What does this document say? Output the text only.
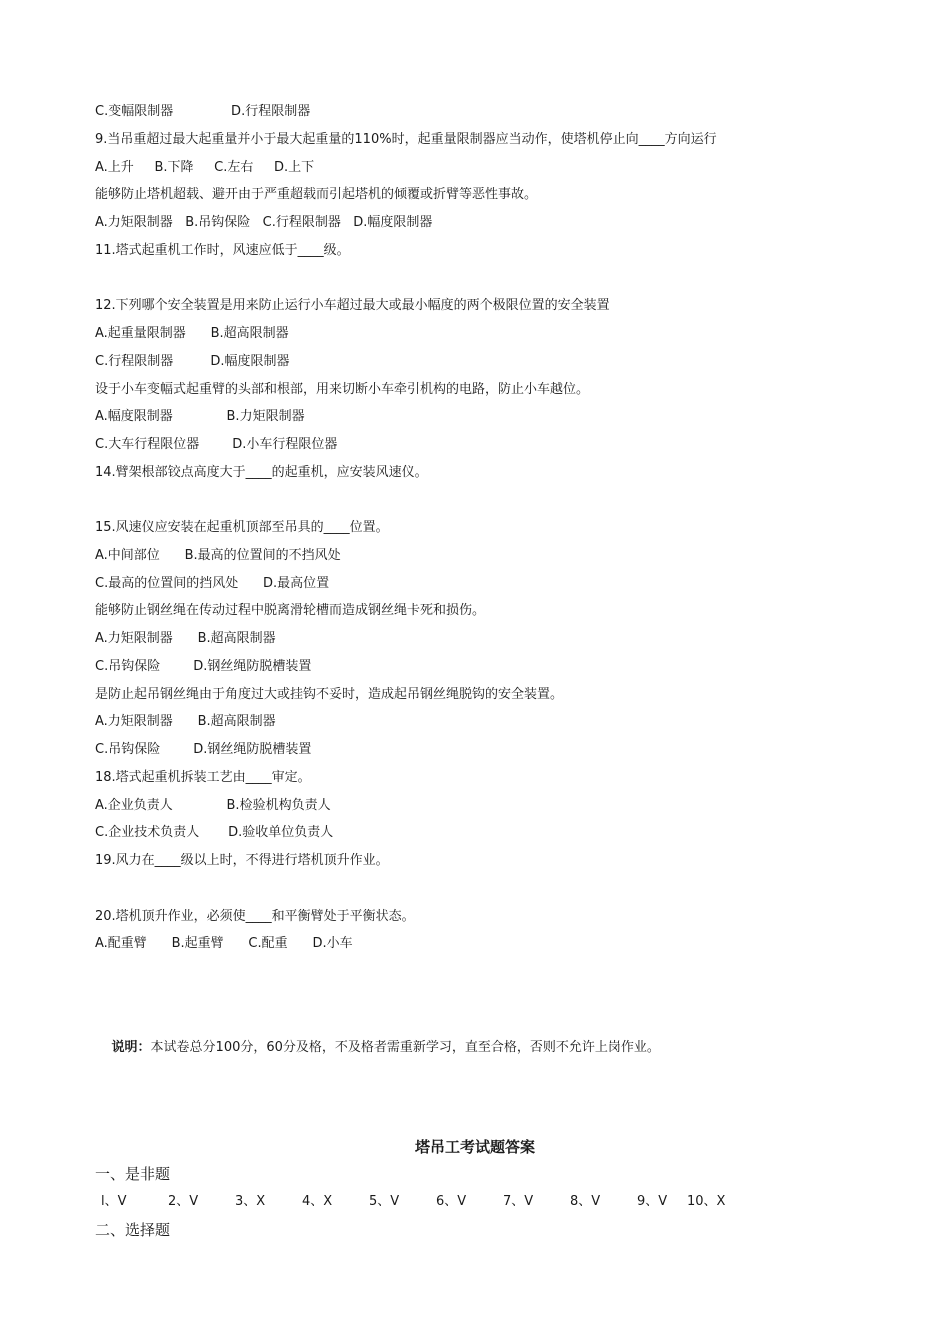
C.变幅限制器              D.行程限制器
9.当吊重超过最大起重量并小于最大起重量的110%时，起重量限制器应当动作，使塔机停止向____方向运行
A.上升     B.下降     C.左右     D.上下
能够防止塔机超载、避开由于严重超载而引起塔机的倾覆或折臂等恶性事故。
A.力矩限制器   B.吊钩保险   C.行程限制器   D.幅度限制器
11.塔式起重机工作时，风速应低于____级。
12.下列哪个安全装置是用来防止运行小车超过最大或最小幅度的两个极限位置的安全装置
A.起重量限制器      B.超高限制器
C.行程限制器         D.幅度限制器
设于小车变幅式起重臂的头部和根部，用来切断小车牵引机构的电路，防止小车越位。
A.幅度限制器             B.力矩限制器
C.大车行程限位器        D.小车行程限位器
14.臂架根部铰点高度大于____的起重机，应安装风速仪。
15.风速仪应安装在起重机顶部至吊具的____位置。
A.中间部位      B.最高的位置间的不挡风处
C.最高的位置间的挡风处      D.最高位置
能够防止钢丝绳在传动过程中脱离滑轮槽而造成钢丝绳卡死和损伤。
A.力矩限制器      B.超高限制器
C.吊钩保险        D.钢丝绳防脱槽装置
是防止起吊钢丝绳由于角度过大或挂钩不妥时，造成起吊钢丝绳脱钩的安全装置。
A.力矩限制器      B.超高限制器
C.吊钩保险        D.钢丝绳防脱槽装置
18.塔式起重机拆装工艺由____审定。
A.企业负责人             B.检验机构负责人
C.企业技术负责人       D.验收单位负责人
19.风力在____级以上时，不得进行塔机顶升作业。
20.塔机顶升作业，必须使____和平衡臂处于平衡状态。
A.配重臂      B.起重臂      C.配重      D.小车

说明：本试卷总分100分，60分及格，不及格者需重新学习，直至合格，否则不允许上岗作业。

塔吊工考试题答案
一、是非题
l、V	2、V	3、X	4、X	5、V	6、V	7、V	8、V	9、V 10、X
二、选择题
